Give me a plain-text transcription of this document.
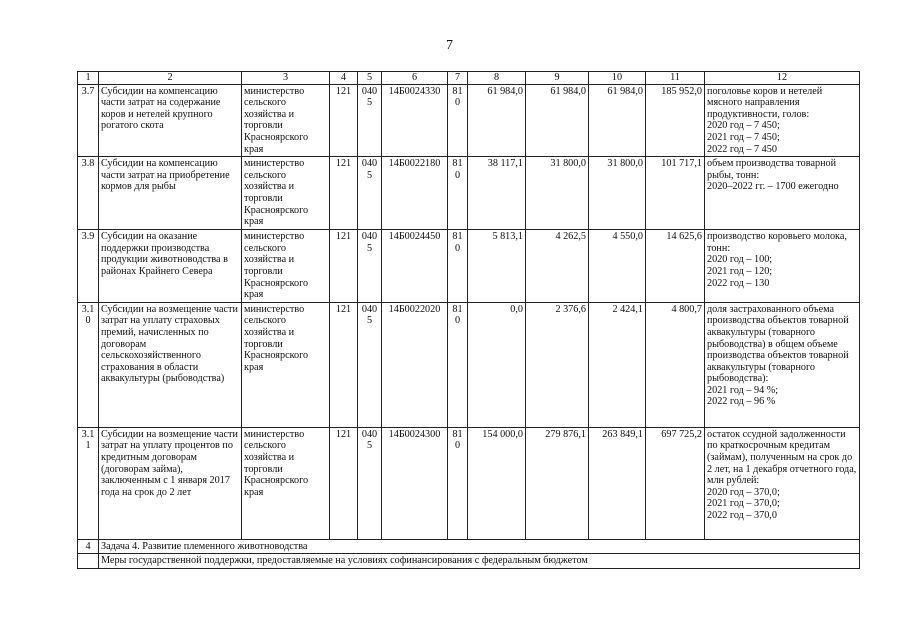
7
1	2	3	4	5	6	7	8	9	10	11	12
3.7	Субсидии на компенсацию части затрат на содержание коров и нетелей крупного рогатого скота	министерство сельского хозяйства и торговли Красноярского края	121	0405	14Б0024330	810	61 984,0	61 984,0	61 984,0	185 952,0	поголовье коров и нетелей мясного направления продуктивности, голов:
2020 год – 7 450;
2021 год – 7 450;
2022 год – 7 450

3.8	Субсидии на компенсацию части затрат на приобретение кормов для рыбы	министерство сельского хозяйства и торговли Красноярского края	121	0405	14Б0022180	810	38 117,1	31 800,0	31 800,0	101 717,1	объем производства товарной рыбы, тонн:
2020–2022 гг. – 1700 ежегодно

3.9	Субсидии на оказание поддержки производства продукции животноводства в районах Крайнего Севера	министерство сельского хозяйства и торговли Красноярского края	121	0405	14Б0024450	810	5 813,1	4 262,5	4 550,0	14 625,6	производство коровьего молока, тонн:
2020 год – 100;
2021 год – 120;
2022 год – 130

3.10	Субсидии на возмещение части затрат на уплату страховых премий, начисленных по договорам сельскохозяйственного страхования в области аквакультуры (рыбоводства)	министерство сельского хозяйства и торговли Красноярского края	121	0405	14Б0022020	810	0,0	2 376,6	2 424,1	4 800,7	доля застрахованного объема производства объектов товарной аквакультуры (товарного рыбоводства) в общем объеме производства объектов товарной аквакультуры (товарного рыбоводства):
2021 год – 94 %;
2022 год – 96 %

3.11	Субсидии на возмещение части затрат на уплату процентов по кредитным договорам (договорам займа), заключенным с 1 января 2017 года на срок до 2 лет	министерство сельского хозяйства и торговли Красноярского края	121	0405	14Б0024300	810	154 000,0	279 876,1	263 849,1	697 725,2	остаток ссудной задолженности по краткосрочным кредитам (займам), полученным на срок до 2 лет, на 1 декабря отчетного года, млн рублей:
2020 год – 370,0;
2021 год – 370,0;
2022 год – 370,0

4	Задача 4. Развитие племенного животноводства										
	Меры государственной поддержки, предоставляемые на условиях софинансирования с федеральным бюджетом										
